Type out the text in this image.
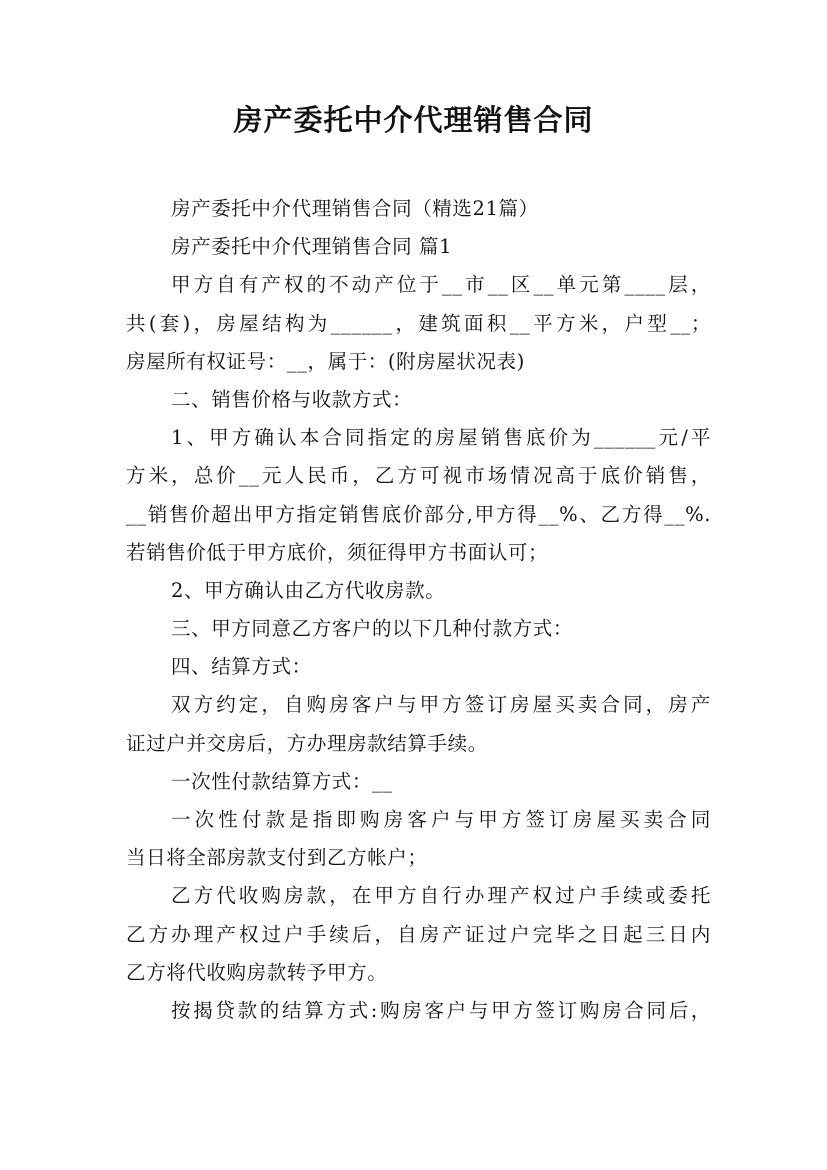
房产委托中介代理销售合同
房产委托中介代理销售合同（精选21篇）
房产委托中介代理销售合同 篇1
甲方自有产权的不动产位于__市__区__单元第____层，
共(套)，房屋结构为______，建筑面积__平方米，户型__；
房屋所有权证号：__，属于：(附房屋状况表)
二、销售价格与收款方式：
1、甲方确认本合同指定的房屋销售底价为______元/平
方米，总价__元人民币，乙方可视市场情况高于底价销售，
__销售价超出甲方指定销售底价部分,甲方得__%、乙方得__%.
若销售价低于甲方底价，须征得甲方书面认可；
2、甲方确认由乙方代收房款。
三、甲方同意乙方客户的以下几种付款方式：
四、结算方式：
双方约定，自购房客户与甲方签订房屋买卖合同，房产
证过户并交房后，方办理房款结算手续。
一次性付款结算方式：__
一次性付款是指即购房客户与甲方签订房屋买卖合同
当日将全部房款支付到乙方帐户；
乙方代收购房款，在甲方自行办理产权过户手续或委托
乙方办理产权过户手续后，自房产证过户完毕之日起三日内
乙方将代收购房款转予甲方。
按揭贷款的结算方式:购房客户与甲方签订购房合同后，
